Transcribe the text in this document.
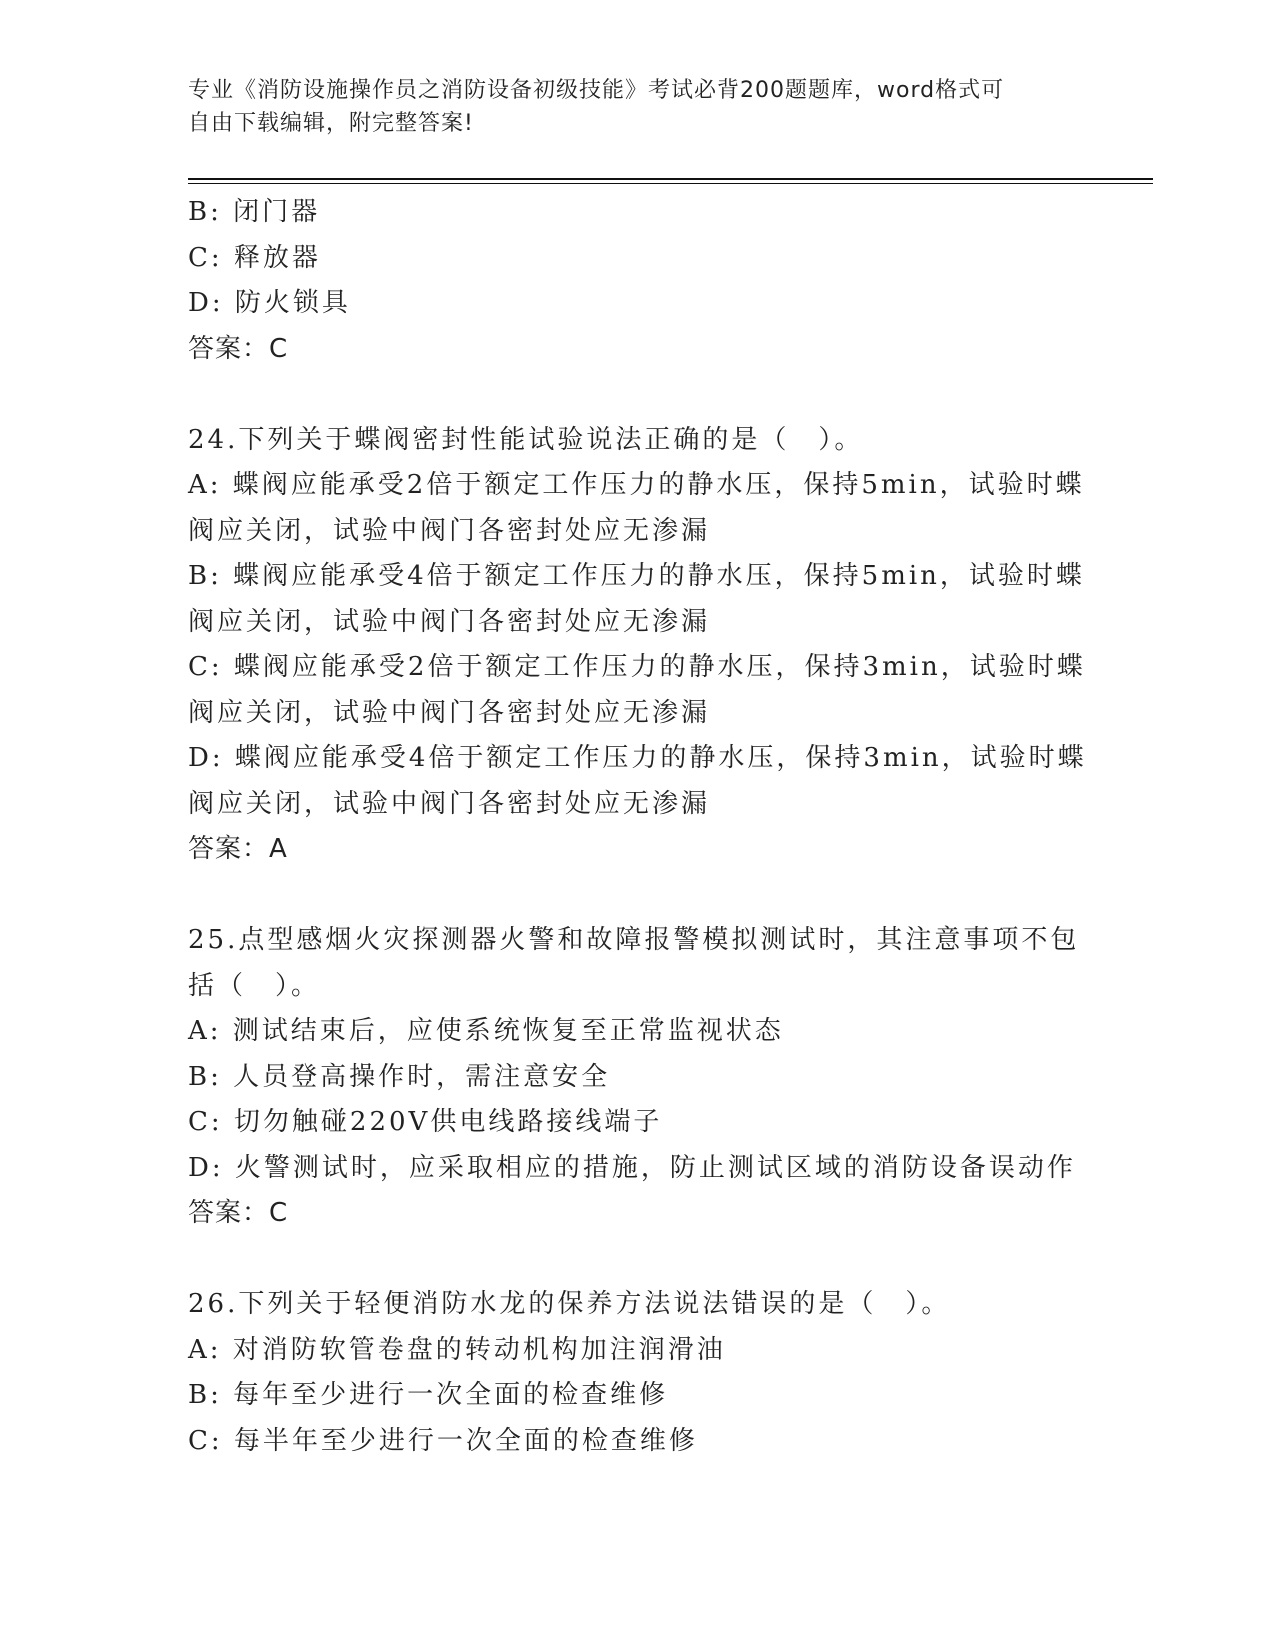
专业《消防设施操作员之消防设备初级技能》考试必背200题题库，word格式可
自由下载编辑，附完整答案!
B: 闭门器
C: 释放器
D: 防火锁具
答案：C
24.下列关于蝶阀密封性能试验说法正确的是（　）。
A: 蝶阀应能承受2倍于额定工作压力的静水压，保持5min，试验时蝶
阀应关闭，试验中阀门各密封处应无渗漏
B: 蝶阀应能承受4倍于额定工作压力的静水压，保持5min，试验时蝶
阀应关闭，试验中阀门各密封处应无渗漏
C: 蝶阀应能承受2倍于额定工作压力的静水压，保持3min，试验时蝶
阀应关闭，试验中阀门各密封处应无渗漏
D: 蝶阀应能承受4倍于额定工作压力的静水压，保持3min，试验时蝶
阀应关闭，试验中阀门各密封处应无渗漏
答案：A
25.点型感烟火灾探测器火警和故障报警模拟测试时，其注意事项不包
括（　）。
A: 测试结束后，应使系统恢复至正常监视状态
B: 人员登高操作时，需注意安全
C: 切勿触碰220V供电线路接线端子
D: 火警测试时，应采取相应的措施，防止测试区域的消防设备误动作
答案：C
26.下列关于轻便消防水龙的保养方法说法错误的是（　）。
A: 对消防软管卷盘的转动机构加注润滑油
B: 每年至少进行一次全面的检查维修
C: 每半年至少进行一次全面的检查维修
